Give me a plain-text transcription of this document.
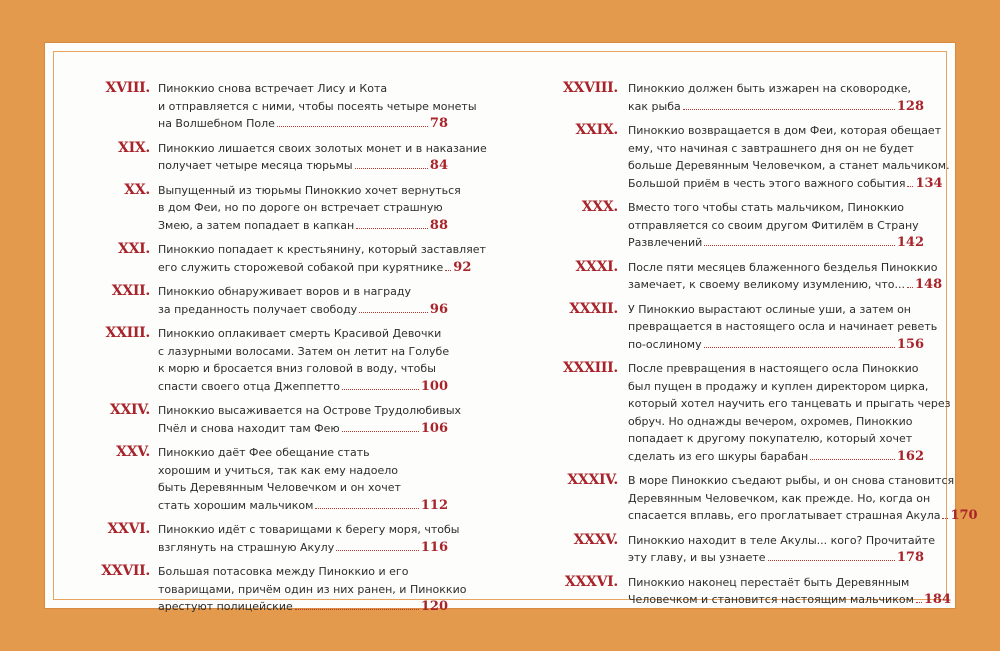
XVIII. Пиноккио снова встречает Лису и Кота
и отправляется с ними, чтобы посеять четыре монеты
на Волшебном Поле	78
XIX. Пиноккио лишается своих золотых монет и в наказание
получает четыре месяца тюрьмы	84
XX. Выпущенный из тюрьмы Пиноккио хочет вернуться
в дом Феи, но по дороге он встречает страшную
Змею, а затем попадает в капкан	88
XXI. Пиноккио попадает к крестьянину, который заставляет
его служить сторожевой собакой при курятнике 92
XXII. Пиноккио обнаруживает воров и в награду
за преданность получает свободу	96
XXIII. Пиноккио оплакивает смерть Красивой Девочки
с лазурными волосами. Затем он летит на Голубе
к морю и бросается вниз головой в воду, чтобы
спасти своего отца Джеппетто	100
XXIV. Пиноккио высаживается на Острове Трудолюбивых
Пчёл и снова находит там Фею	106
XXV. Пиноккио даёт Фее обещание стать
хорошим и учиться, так как ему надоело
быть Деревянным Человечком и он хочет
стать хорошим мальчиком	112
XXVI. Пиноккио идёт с товарищами к берегу моря, чтобы
взглянуть на страшную Акулу	116
XXVII. Большая потасовка между Пиноккио и его
товарищами, причём один из них ранен, и Пиноккио
арестуют полицейские	120
XXVIII. Пиноккио должен быть изжарен на сковородке,
как рыба	128
XXIX. Пиноккио возвращается в дом Феи, которая обещает
ему, что начиная с завтрашнего дня он не будет
больше Деревянным Человечком, а станет мальчиком.
Большой приём в честь этого важного события 134
XXX. Вместо того чтобы стать мальчиком, Пиноккио
отправляется со своим другом Фитилём в Страну
Развлечений	142
XXXI. После пяти месяцев блаженного безделья Пиноккио
замечает, к своему великому изумлению, что... 148
XXXII. У Пиноккио вырастают ослиные уши, а затем он
превращается в настоящего осла и начинает реветь
по-ослиному	156
XXXIII. После превращения в настоящего осла Пиноккио
был пущен в продажу и куплен директором цирка,
который хотел научить его танцевать и прыгать через
обруч. Но однажды вечером, охромев, Пиноккио
попадает к другому покупателю, который хочет
сделать из его шкуры барабан	162
XXXIV. В море Пиноккио съедают рыбы, и он снова становится
Деревянным Человечком, как прежде. Но, когда он
спасается вплавь, его проглатывает страшная Акула 170
XXXV. Пиноккио находит в теле Акулы... кого? Прочитайте
эту главу, и вы узнаете	178
XXXVI. Пиноккио наконец перестаёт быть Деревянным
Человечком и становится настоящим мальчиком 184
